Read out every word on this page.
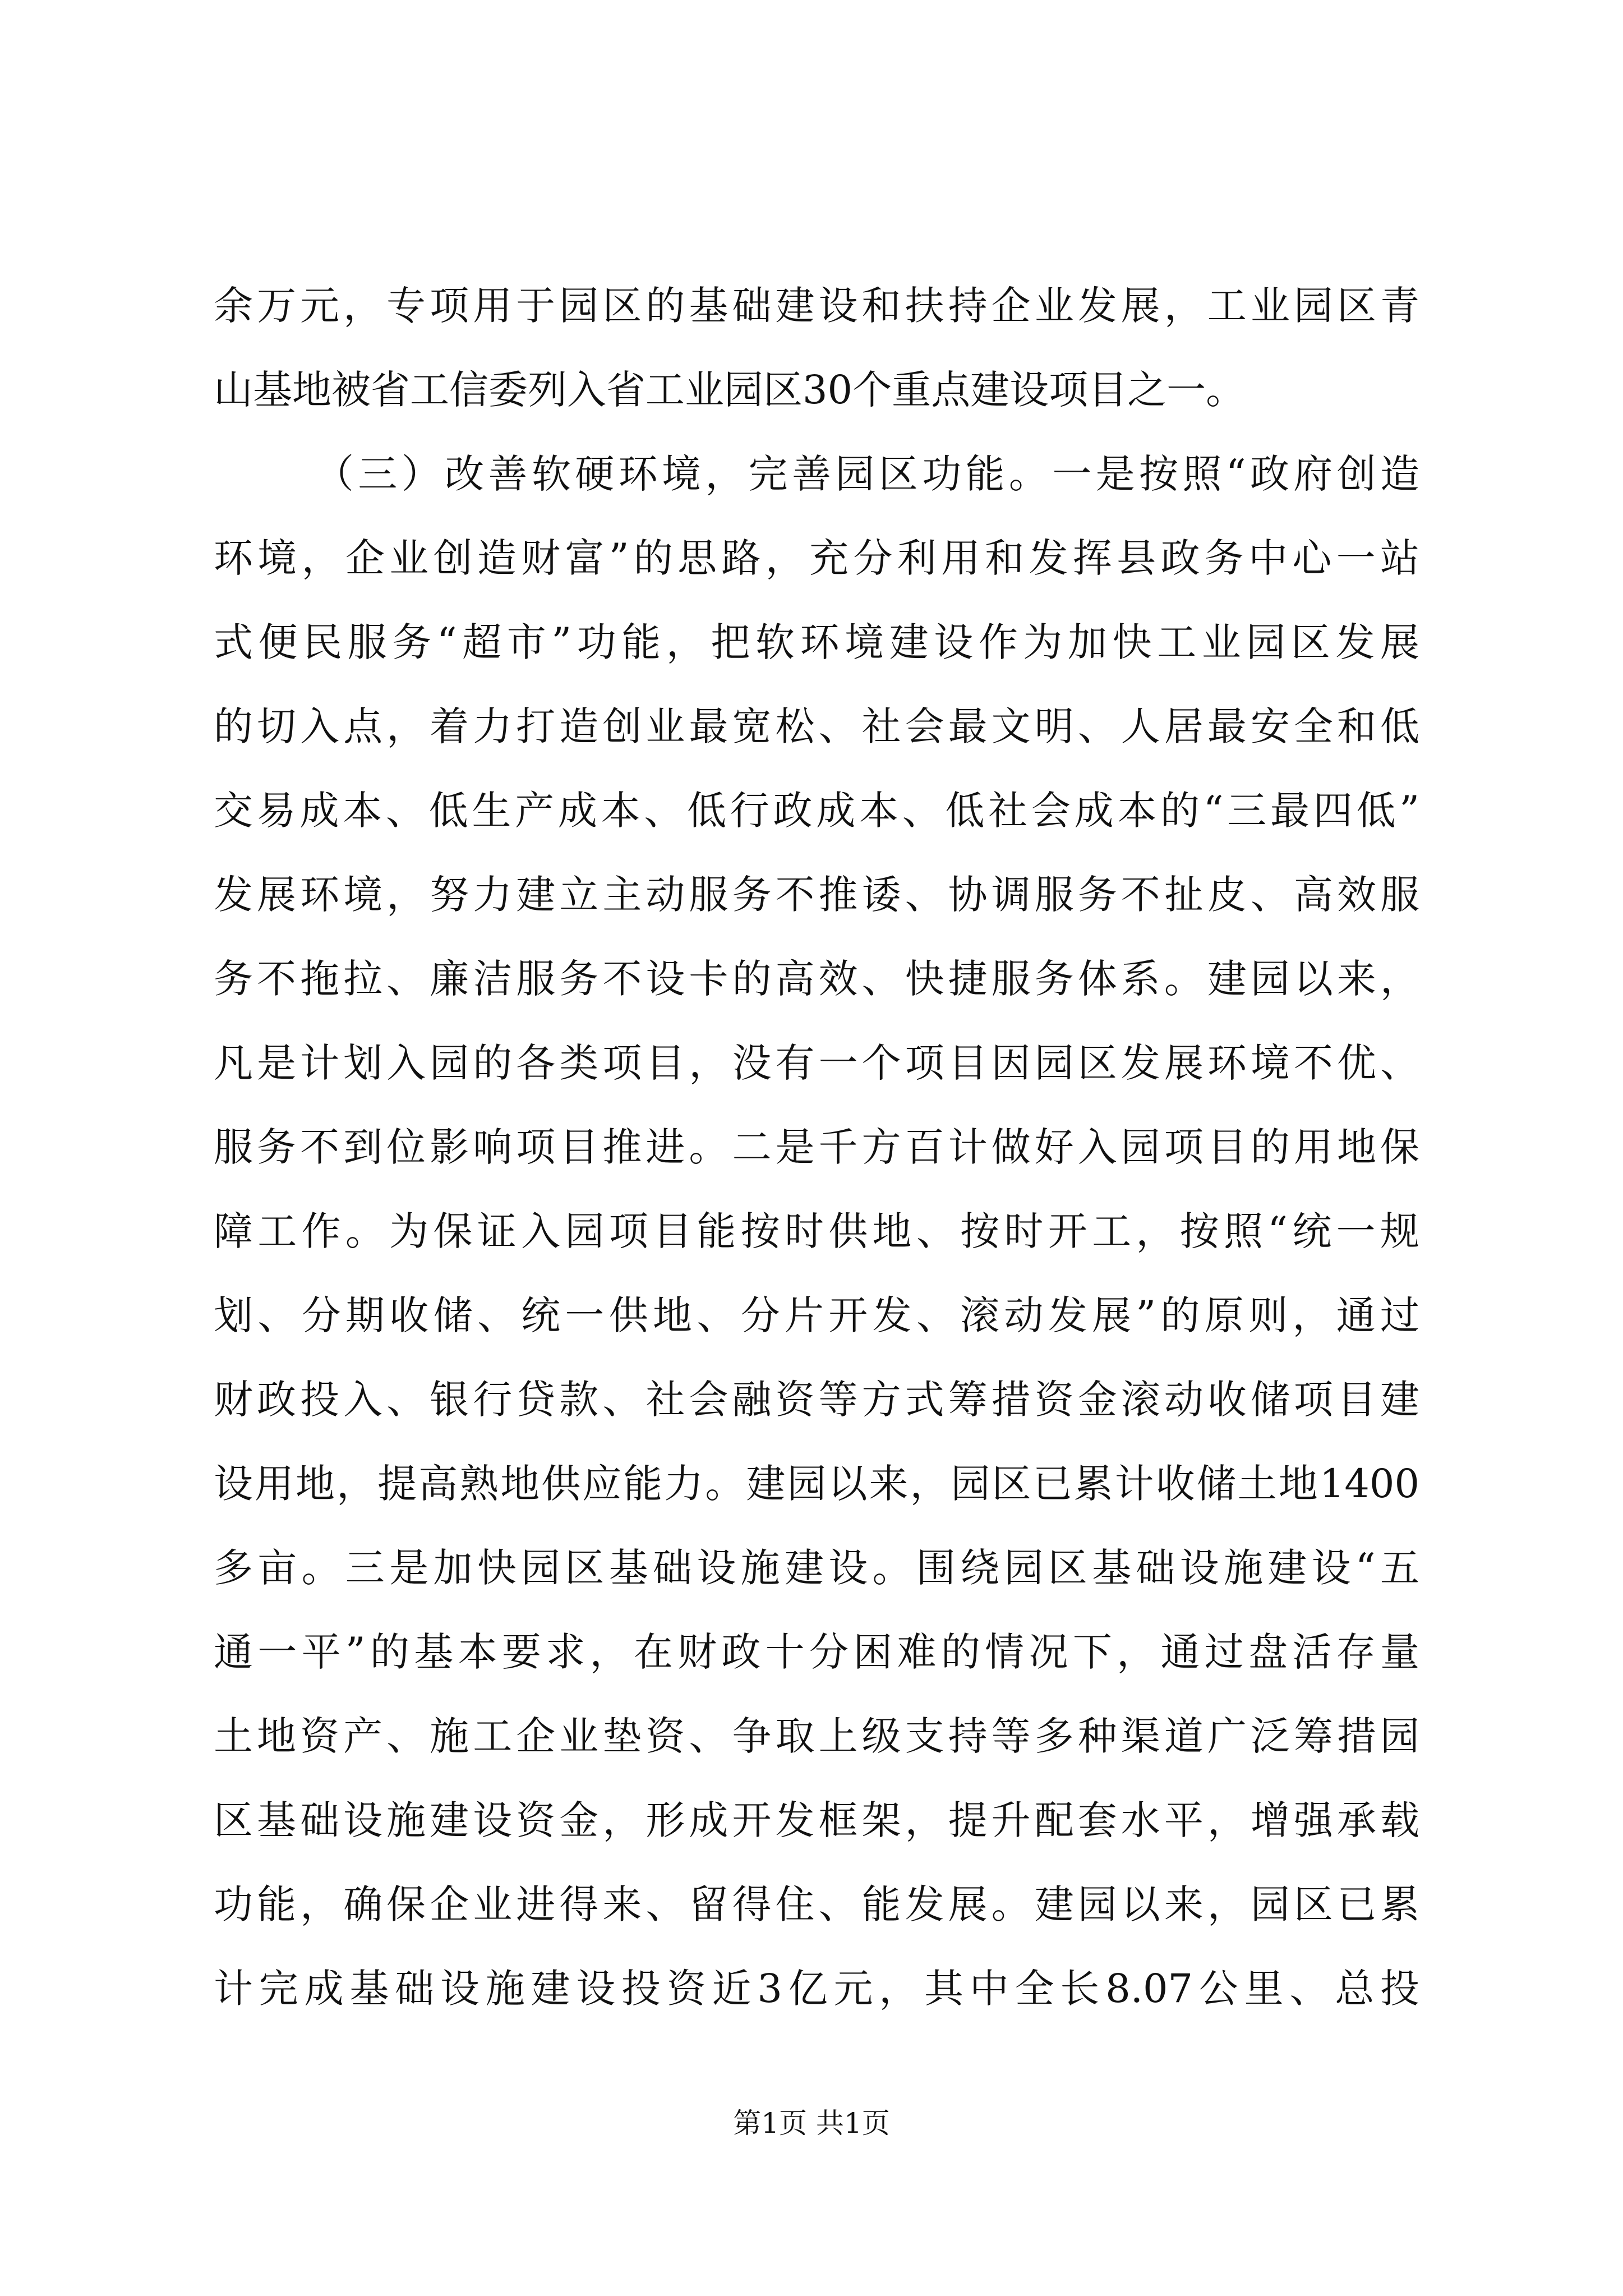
余万元，专项用于园区的基础建设和扶持企业发展，工业园区青
山基地被省工信委列入省工业园区30个重点建设项目之一。
（三）改善软硬环境，完善园区功能。一是按照“政府创造
环境，企业创造财富”的思路，充分利用和发挥县政务中心一站
式便民服务“超市”功能，把软环境建设作为加快工业园区发展
的切入点，着力打造创业最宽松、社会最文明、人居最安全和低
交易成本、低生产成本、低行政成本、低社会成本的“三最四低”
发展环境，努力建立主动服务不推诿、协调服务不扯皮、高效服
务不拖拉、廉洁服务不设卡的高效、快捷服务体系。建园以来，
凡是计划入园的各类项目，没有一个项目因园区发展环境不优、
服务不到位影响项目推进。二是千方百计做好入园项目的用地保
障工作。为保证入园项目能按时供地、按时开工，按照“统一规
划、分期收储、统一供地、分片开发、滚动发展”的原则，通过
财政投入、银行贷款、社会融资等方式筹措资金滚动收储项目建
设用地，提高熟地供应能力。建园以来，园区已累计收储土地1400
多亩。三是加快园区基础设施建设。围绕园区基础设施建设“五
通一平”的基本要求，在财政十分困难的情况下，通过盘活存量
土地资产、施工企业垫资、争取上级支持等多种渠道广泛筹措园
区基础设施建设资金，形成开发框架，提升配套水平，增强承载
功能，确保企业进得来、留得住、能发展。建园以来，园区已累
计完成基础设施建设投资近3亿元，其中全长8.07公里、总投
第1页 共1页
